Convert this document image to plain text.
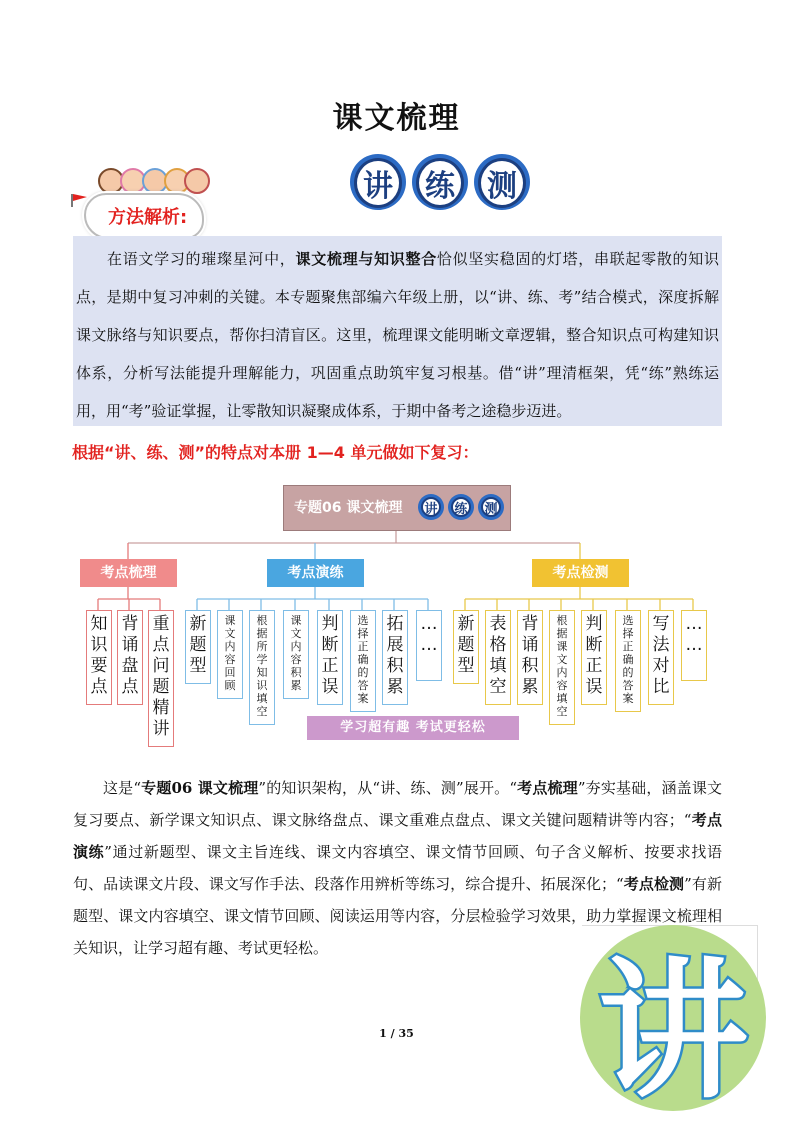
课文梳理
讲	练	测
方法解析:

在语文学习的璀璨星河中，课文梳理与知识整合恰似坚实稳固的灯塔，串联起零散的知识点，是期中复习冲刺的关键。本专题聚焦部编六年级上册，以“讲、练、考”结合模式，深度拆解课文脉络与知识要点，帮你扫清盲区。这里，梳理课文能明晰文章逻辑，整合知识点可构建知识体系，分析写法能提升理解能力，巩固重点助筑牢复习根基。借“讲”理清框架，凭“练”熟练运用，用“考”验证掌握，让零散知识凝聚成体系，于期中备考之途稳步迈进。

根据“讲、练、测”的特点对本册 1—4 单元做如下复习：
专题06 课文梳理 讲 练 测
考点梳理	考点演练	考点检测
知
识
要
点
背
诵
盘
点
重
点
问
题
精
讲
新
题
型
课
文
内
容
回
顾
根
据
所
学
知
识
填
空
课
文
内
容
积
累
判
断
正
误
选
择
正
确
的
答
案
拓
展
积
累
…
…
新
题
型
表
格
填
空
背
诵
积
累
根
据
课
文
内
容
填
空
判
断
正
误
选
择
正
确
的
答
案
写
法
对
比
…
…
学习超有趣 考试更轻松

这是“专题06 课文梳理”的知识架构，从“讲、练、测”展开。“考点梳理”夯实基础，涵盖课文复习要点、新学课文知识点、课文脉络盘点、课文重难点盘点、课文关键问题精讲等内容；“考点演练”通过新题型、课文主旨连线、课文内容填空、课文情节回顾、句子含义解析、按要求找语句、品读课文片段、课文写作手法、段落作用辨析等练习，综合提升、拓展深化；“考点检测”有新题型、课文内容填空、课文情节回顾、阅读运用等内容，分层检验学习效果，助力掌握课文梳理相关知识，让学习超有趣、考试更轻松。

1 / 35	讲
